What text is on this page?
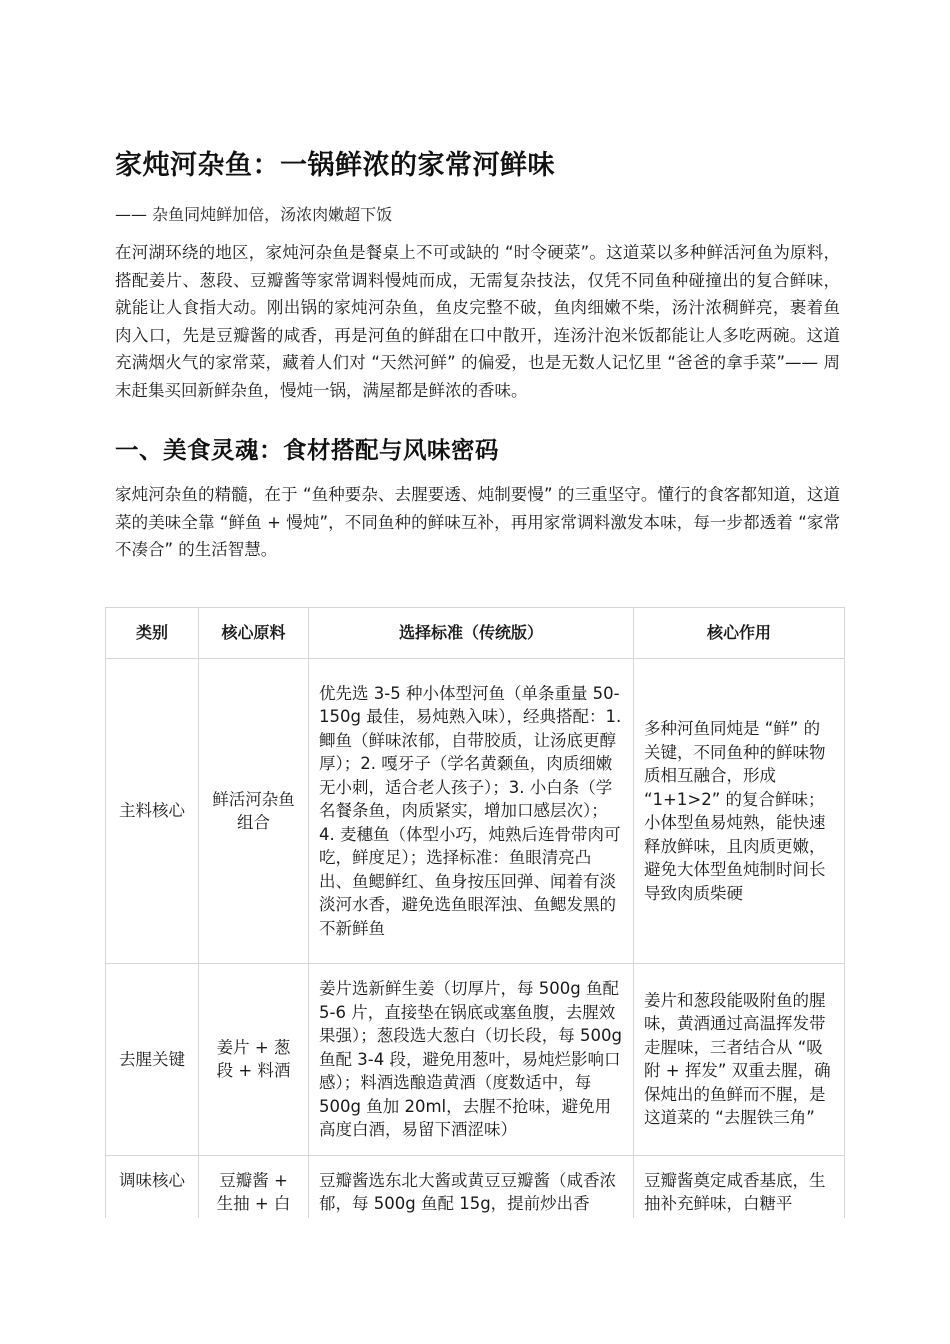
家炖河杂鱼：一锅鲜浓的家常河鲜味

—— 杂鱼同炖鲜加倍，汤浓肉嫩超下饭

在河湖环绕的地区，家炖河杂鱼是餐桌上不可或缺的 “时令硬菜”。这道菜以多种鲜活河鱼为原料，搭配姜片、葱段、豆瓣酱等家常调料慢炖而成，无需复杂技法，仅凭不同鱼种碰撞出的复合鲜味，就能让人食指大动。刚出锅的家炖河杂鱼，鱼皮完整不破，鱼肉细嫩不柴，汤汁浓稠鲜亮，裹着鱼肉入口，先是豆瓣酱的咸香，再是河鱼的鲜甜在口中散开，连汤汁泡米饭都能让人多吃两碗。这道充满烟火气的家常菜，藏着人们对 “天然河鲜” 的偏爱，也是无数人记忆里 “爸爸的拿手菜”—— 周末赶集买回新鲜杂鱼，慢炖一锅，满屋都是鲜浓的香味。

一、美食灵魂：食材搭配与风味密码

家炖河杂鱼的精髓，在于 “鱼种要杂、去腥要透、炖制要慢” 的三重坚守。懂行的食客都知道，这道菜的美味全靠 “鲜鱼 + 慢炖”，不同鱼种的鲜味互补，再用家常调料激发本味，每一步都透着 “家常不凑合” 的生活智慧。

类别	核心原料	选择标准（传统版）	核心作用
主料核心	鲜活河杂鱼组合	优先选 3-5 种小体型河鱼（单条重量 50-150g 最佳，易炖熟入味），经典搭配：1. 鲫鱼（鲜味浓郁，自带胶质，让汤底更醇厚）；2. 嘎牙子（学名黄颡鱼，肉质细嫩无小刺，适合老人孩子）；3. 小白条（学名餐条鱼，肉质紧实，增加口感层次）；4. 麦穗鱼（体型小巧，炖熟后连骨带肉可吃，鲜度足）；选择标准：鱼眼清亮凸出、鱼鳃鲜红、鱼身按压回弹、闻着有淡淡河水香，避免选鱼眼浑浊、鱼鳃发黑的不新鲜鱼	多种河鱼同炖是 “鲜” 的关键，不同鱼种的鲜味物质相互融合，形成 “1+1>2” 的复合鲜味；小体型鱼易炖熟，能快速释放鲜味，且肉质更嫩，避免大体型鱼炖制时间长导致肉质柴硬
去腥关键	姜片 + 葱段 + 料酒	姜片选新鲜生姜（切厚片，每 500g 鱼配 5-6 片，直接垫在锅底或塞鱼腹，去腥效果强）；葱段选大葱白（切长段，每 500g 鱼配 3-4 段，避免用葱叶，易炖烂影响口感）；料酒选酿造黄酒（度数适中，每 500g 鱼加 20ml，去腥不抢味，避免用高度白酒，易留下酒涩味）	姜片和葱段能吸附鱼的腥味，黄酒通过高温挥发带走腥味，三者结合从 “吸附 + 挥发” 双重去腥，确保炖出的鱼鲜而不腥，是这道菜的 “去腥铁三角”
调味核心	豆瓣酱 + 生抽 + 白	豆瓣酱选东北大酱或黄豆豆瓣酱（咸香浓郁，每 500g 鱼配 15g，提前炒出香	豆瓣酱奠定咸香基底，生抽补充鲜味，白糖平
